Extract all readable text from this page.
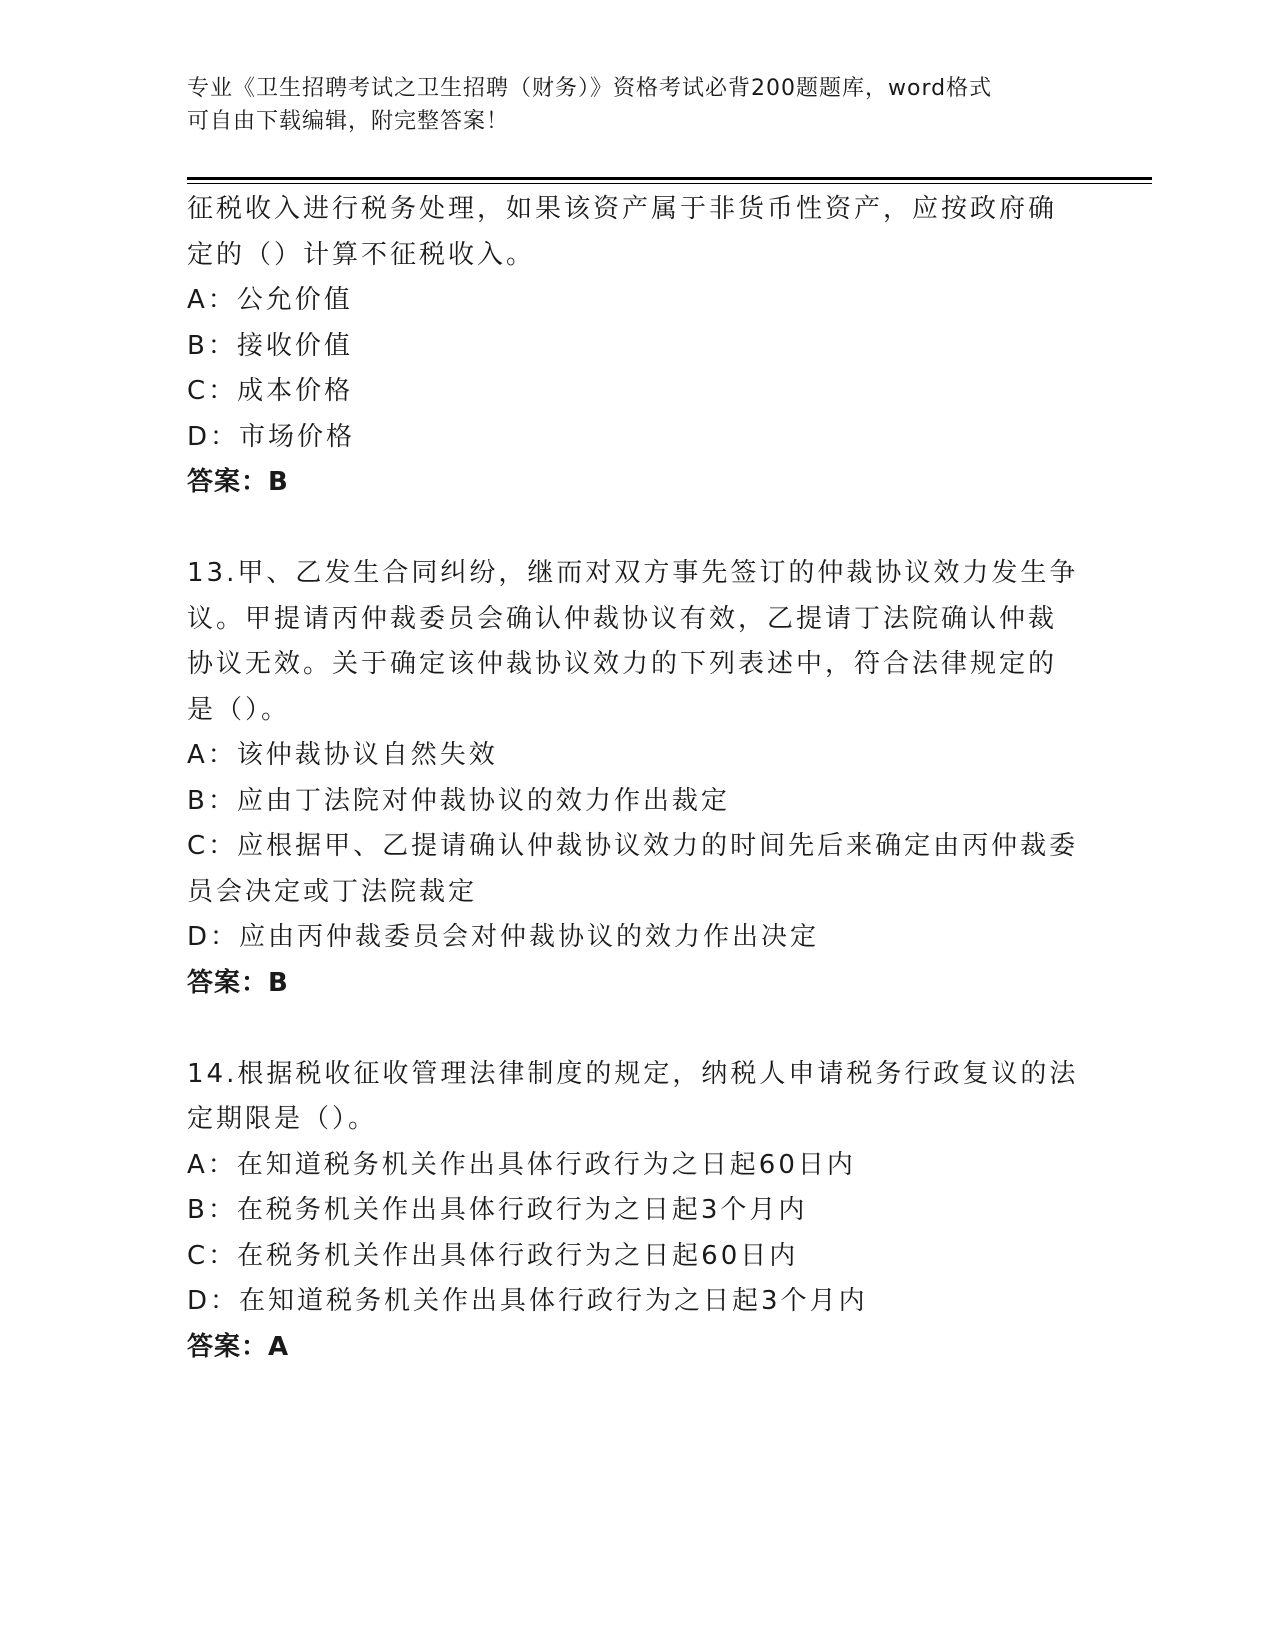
专业《卫生招聘考试之卫生招聘（财务）》资格考试必背200题题库，word格式
可自由下载编辑，附完整答案！
征税收入进行税务处理，如果该资产属于非货币性资产，应按政府确
定的（）计算不征税收入。
A：公允价值
B：接收价值
C：成本价格
D：市场价格
答案：B
13.甲、乙发生合同纠纷，继而对双方事先签订的仲裁协议效力发生争
议。甲提请丙仲裁委员会确认仲裁协议有效，乙提请丁法院确认仲裁
协议无效。关于确定该仲裁协议效力的下列表述中，符合法律规定的
是（）。
A：该仲裁协议自然失效
B：应由丁法院对仲裁协议的效力作出裁定
C：应根据甲、乙提请确认仲裁协议效力的时间先后来确定由丙仲裁委
员会决定或丁法院裁定
D：应由丙仲裁委员会对仲裁协议的效力作出决定
答案：B
14.根据税收征收管理法律制度的规定，纳税人申请税务行政复议的法
定期限是（）。
A：在知道税务机关作出具体行政行为之日起60日内
B：在税务机关作出具体行政行为之日起3个月内
C：在税务机关作出具体行政行为之日起60日内
D：在知道税务机关作出具体行政行为之日起3个月内
答案：A
